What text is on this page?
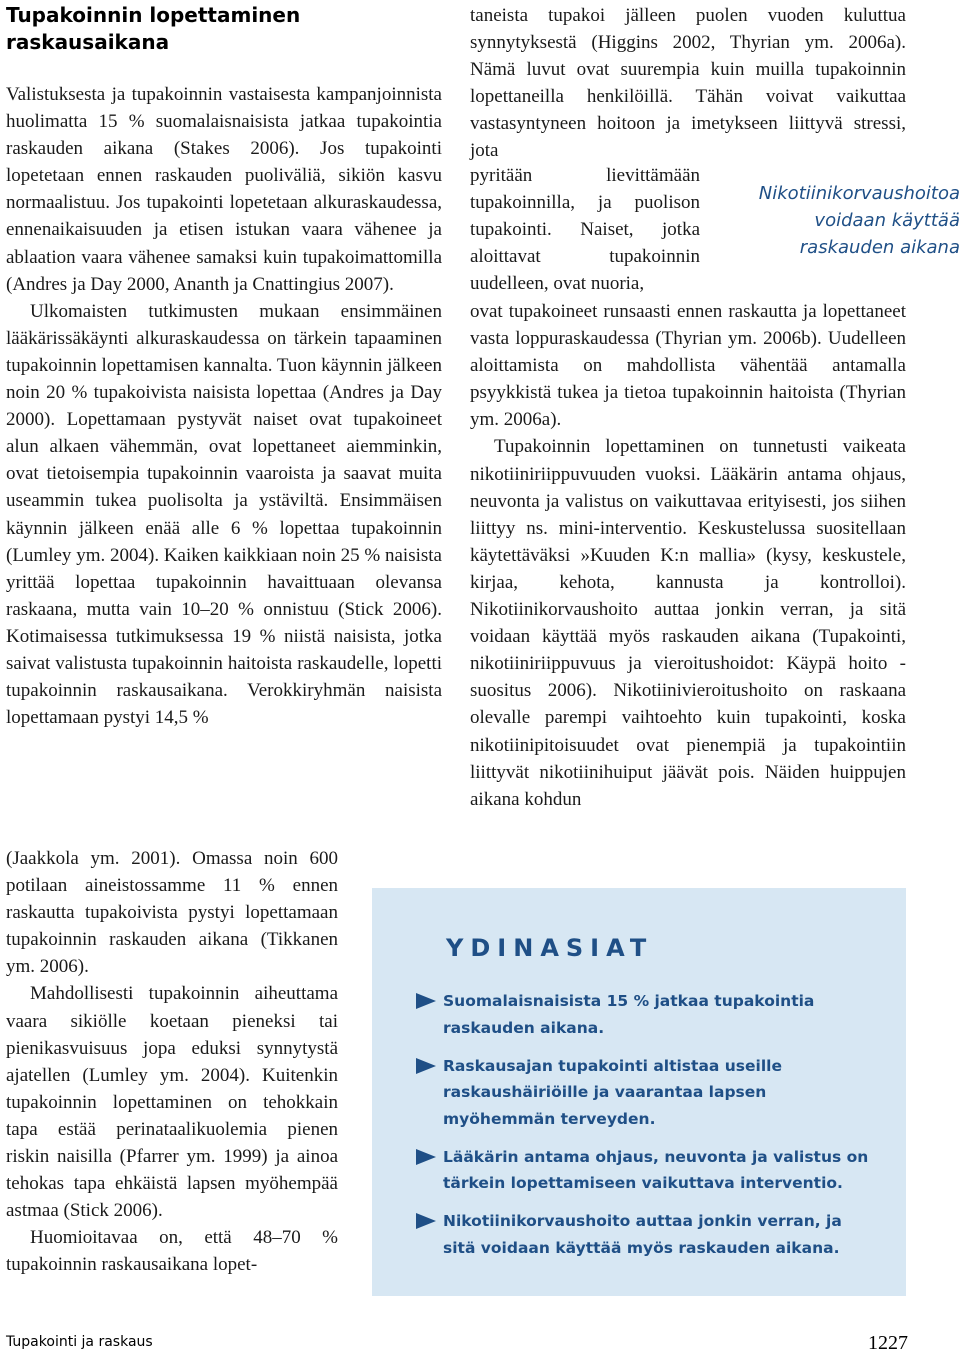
Tupakoinnin lopettaminen raskausaikana

Valistuksesta ja tupakoinnin vastaisesta kampanjoinnista huolimatta 15 % suomalaisnaisista jatkaa tupakointia raskauden aikana (Stakes 2006). Jos tupakointi lopetetaan ennen raskauden puoliväliä, sikiön kasvu normaalistuu. Jos tupakointi lopetetaan alkuraskaudessa, ennenaikaisuuden ja etisen istukan vaara vähenee ja ablaation vaara vähenee samaksi kuin tupakoimattomilla (Andres ja Day 2000, Ananth ja Cnattingius 2007).

Ulkomaisten tutkimusten mukaan ensimmäinen lääkärissäkäynti alkuraskaudessa on tärkein tapaaminen tupakoinnin lopettamisen kannalta. Tuon käynnin jälkeen noin 20 % tupakoivista naisista lopettaa (Andres ja Day 2000). Lopettamaan pystyvät naiset ovat tupakoineet alun alkaen vähemmän, ovat lopettaneet aiemminkin, ovat tietoisempia tupakoinnin vaaroista ja saavat muita useammin tukea puolisolta ja ystäviltä. Ensimmäisen käynnin jälkeen enää alle 6 % lopettaa tupakoinnin (Lumley ym. 2004). Kaiken kaikkiaan noin 25 % naisista yrittää lopettaa tupakoinnin havaittuaan olevansa raskaana, mutta vain 10–20 % onnistuu (Stick 2006). Kotimaisessa tutkimuksessa 19 % niistä naisista, jotka saivat valistusta tupakoinnin haitoista raskaudelle, lopetti tupakoinnin raskausaikana. Verokkiryhmän naisista lopettamaan pystyi 14,5 %

(Jaakkola ym. 2001). Omassa noin 600 potilaan aineistossamme 11 % ennen raskautta tupakoivista pystyi lopettamaan tupakoinnin raskauden aikana (Tikkanen ym. 2006).

Mahdollisesti tupakoinnin aiheuttama vaara sikiölle koetaan pieneksi tai pienikasvuisuus jopa eduksi synnytystä ajatellen (Lumley ym. 2004). Kuitenkin tupakoinnin lopettaminen on tehokkain tapa estää perinataalikuolemia pienen riskin naisilla (Pfarrer ym. 1999) ja ainoa tehokas tapa ehkäistä lapsen myöhempää astmaa (Stick 2006).

Huomioitavaa on, että 48–70 % tupakoinnin raskausaikana lopet-

taneista tupakoi jälleen puolen vuoden kuluttua synnytyksestä (Higgins 2002, Thyrian ym. 2006a). Nämä luvut ovat suurempia kuin muilla tupakoinnin lopettaneilla henkilöillä. Tähän voivat vaikuttaa vastasyntyneen hoitoon ja imetykseen liittyvä stressi, jota

pyritään lievittämään tupakoinnilla, ja puolison tupakointi. Naiset, jotka aloittavat tupakoinnin uudelleen, ovat nuoria,

Nikotiinikorvaushoitoa voidaan käyttää raskauden aikana

ovat tupakoineet runsaasti ennen raskautta ja lopettaneet vasta loppuraskaudessa (Thyrian ym. 2006b). Uudelleen aloittamista on mahdollista vähentää antamalla psyykkistä tukea ja tietoa tupakoinnin haitoista (Thyrian ym. 2006a).

Tupakoinnin lopettaminen on tunnetusti vaikeata nikotiiniriippuvuuden vuoksi. Lääkärin antama ohjaus, neuvonta ja valistus on vaikuttavaa erityisesti, jos siihen liittyy ns. mini-interventio. Keskustelussa suositellaan käytettäväksi »Kuuden K:n mallia» (kysy, keskustele, kirjaa, kehota, kannusta ja kontrolloi). Nikotiinikorvaushoito auttaa jonkin verran, ja sitä voidaan käyttää myös raskauden aikana (Tupakointi, nikotiiniriippuvuus ja vieroitushoidot: Käypä hoito -suositus 2006). Nikotiinivieroitushoito on raskaana olevalle parempi vaihtoehto kuin tupakointi, koska nikotiinipitoisuudet ovat pienempiä ja tupakointiin liittyvät nikotiinihuiput jäävät pois. Näiden huippujen aikana kohdun

YDINASIAT
Suomalaisnaisista 15 % jatkaa tupakointia raskauden aikana.
Raskausajan tupakointi altistaa useille raskaushäiriöille ja vaarantaa lapsen myöhemmän terveyden.
Lääkärin antama ohjaus, neuvonta ja valistus on tärkein lopettamiseen vaikuttava interventio.
Nikotiinikorvaushoito auttaa jonkin verran, ja sitä voidaan käyttää myös raskauden aikana.
Tupakointi ja raskaus	1227
